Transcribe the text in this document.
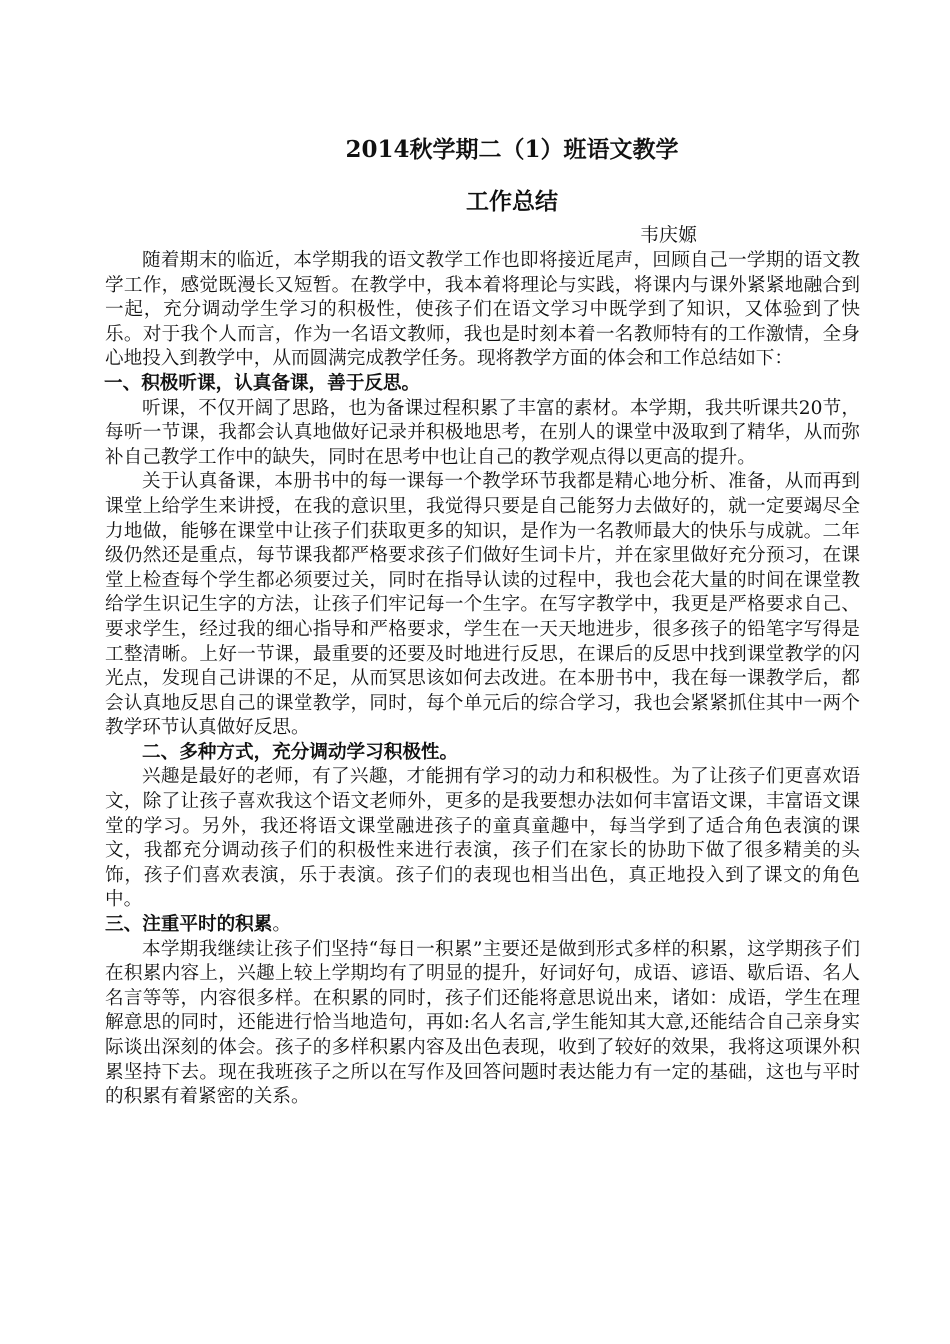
2014秋学期二（1）班语文教学
工作总结
韦庆嫄

随着期末的临近，本学期我的语文教学工作也即将接近尾声，回顾自己一学期的语文教学工作，感觉既漫长又短暂。在教学中，我本着将理论与实践，将课内与课外紧紧地融合到一起，充分调动学生学习的积极性，使孩子们在语文学习中既学到了知识，又体验到了快乐。对于我个人而言，作为一名语文教师，我也是时刻本着一名教师特有的工作激情，全身心地投入到教学中，从而圆满完成教学任务。现将教学方面的体会和工作总结如下：

一、积极听课，认真备课，善于反思。

听课，不仅开阔了思路，也为备课过程积累了丰富的素材。本学期，我共听课共20节，每听一节课，我都会认真地做好记录并积极地思考，在别人的课堂中汲取到了精华，从而弥补自己教学工作中的缺失，同时在思考中也让自己的教学观点得以更高的提升。

关于认真备课，本册书中的每一课每一个教学环节我都是精心地分析、准备，从而再到课堂上给学生来讲授，在我的意识里，我觉得只要是自己能努力去做好的，就一定要竭尽全力地做，能够在课堂中让孩子们获取更多的知识，是作为一名教师最大的快乐与成就。二年级仍然还是重点，每节课我都严格要求孩子们做好生词卡片，并在家里做好充分预习，在课堂上检查每个学生都必须要过关，同时在指导认读的过程中，我也会花大量的时间在课堂教给学生识记生字的方法，让孩子们牢记每一个生字。在写字教学中，我更是严格要求自己、要求学生，经过我的细心指导和严格要求，学生在一天天地进步，很多孩子的铅笔字写得是工整清晰。上好一节课，最重要的还要及时地进行反思，在课后的反思中找到课堂教学的闪光点，发现自己讲课的不足，从而冥思该如何去改进。在本册书中，我在每一课教学后，都会认真地反思自己的课堂教学，同时，每个单元后的综合学习，我也会紧紧抓住其中一两个教学环节认真做好反思。

二、多种方式，充分调动学习积极性。

兴趣是最好的老师，有了兴趣，才能拥有学习的动力和积极性。为了让孩子们更喜欢语文，除了让孩子喜欢我这个语文老师外，更多的是我要想办法如何丰富语文课，丰富语文课堂的学习。另外，我还将语文课堂融进孩子的童真童趣中，每当学到了适合角色表演的课文，我都充分调动孩子们的积极性来进行表演，孩子们在家长的协助下做了很多精美的头饰，孩子们喜欢表演，乐于表演。孩子们的表现也相当出色，真正地投入到了课文的角色中。

三、注重平时的积累。

本学期我继续让孩子们坚持“每日一积累”主要还是做到形式多样的积累，这学期孩子们在积累内容上，兴趣上较上学期均有了明显的提升，好词好句，成语、谚语、歇后语、名人名言等等，内容很多样。在积累的同时，孩子们还能将意思说出来，诸如：成语，学生在理解意思的同时，还能进行恰当地造句，再如:名人名言,学生能知其大意,还能结合自己亲身实际谈出深刻的体会。孩子的多样积累内容及出色表现，收到了较好的效果，我将这项课外积累坚持下去。现在我班孩子之所以在写作及回答问题时表达能力有一定的基础，这也与平时的积累有着紧密的关系。
